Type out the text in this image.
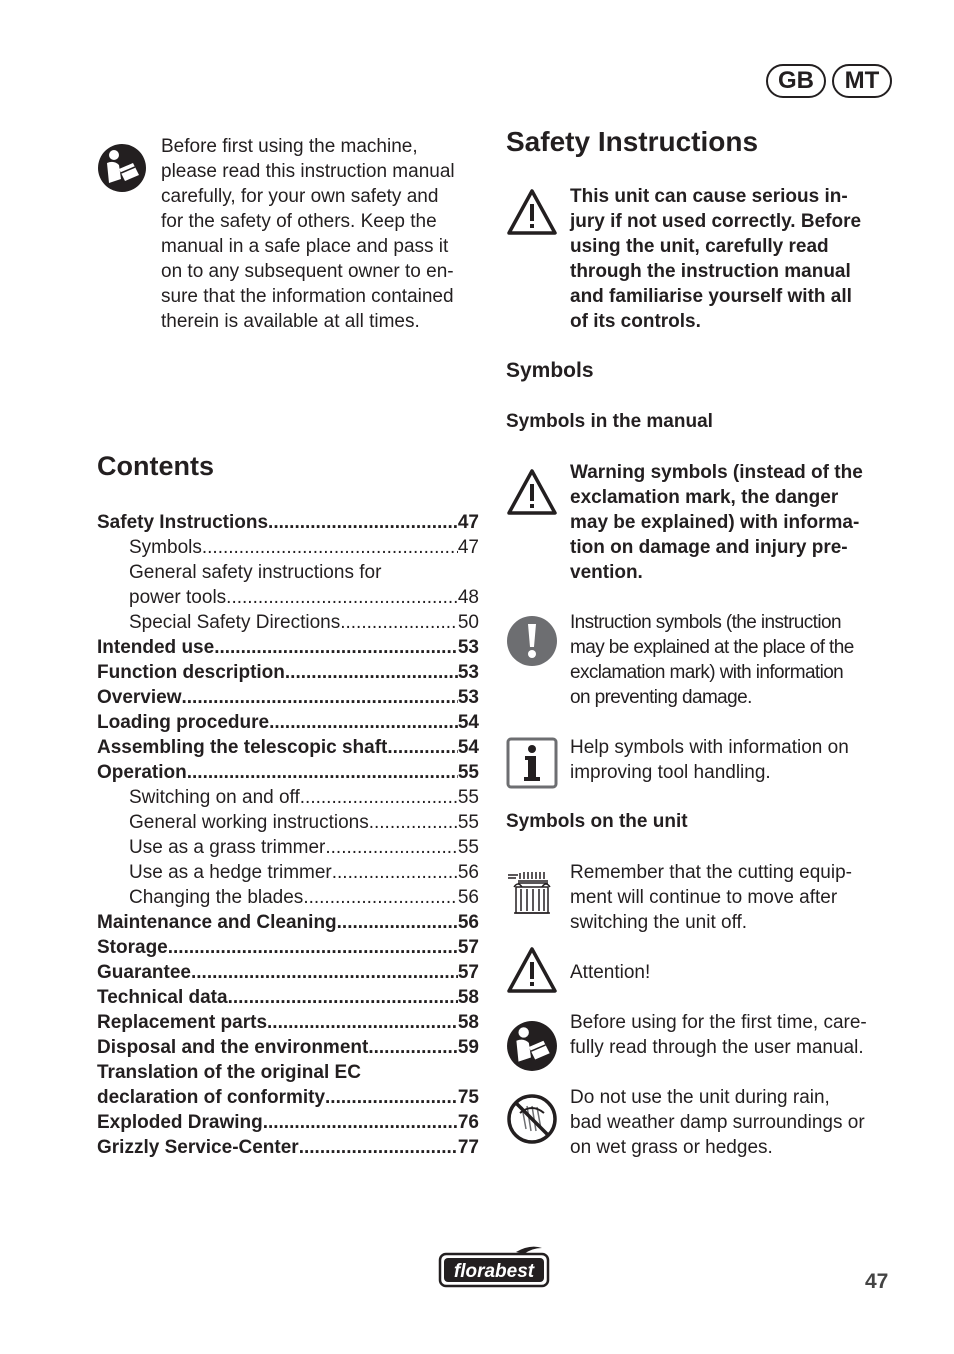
GB	MT
Before first using the machine,
please read this instruction manual
carefully, for your own safety and
for the safety of others. Keep the
manual in a safe place and pass it
on to any subsequent owner to en-
sure that the information contained
therein is available at all times.
Contents
Safety Instructions .....	47
Symbols .....	47
General safety instructions for
power tools .....	48
Special Safety Directions .....	50
Intended use .....	53
Function description .....	53
Overview .....	53
Loading procedure .....	54
Assembling the telescopic shaft .....	54
Operation .....	55
Switching on and off .....	55
General working instructions .....	55
Use as a grass trimmer .....	55
Use as a hedge trimmer .....	56
Changing the blades .....	56
Maintenance and Cleaning .....	56
Storage .....	57
Guarantee .....	57
Technical data .....	58
Replacement parts .....	58
Disposal and the environment .....	59
Translation of the original EC
declaration of conformity .....	75
Exploded Drawing .....	76
Grizzly Service-Center .....	77
Safety Instructions
This unit can cause serious in-
jury if not used correctly. Before
using the unit, carefully read
through the instruction manual
and familiarise yourself with all
of its controls.
Symbols
Symbols in the manual
Warning symbols (instead of the
exclamation mark, the danger
may be explained) with informa-
tion on damage and injury pre-
vention.
Instruction symbols (the instruction
may be explained at the place of the
exclamation mark) with information
on preventing damage.
Help symbols with information on
improving tool handling.
Symbols on the unit
Remember that the cutting equip-
ment will continue to move after
switching the unit off.
Attention!
Before using for the first time, care-
fully read through the user manual.
Do not use the unit during rain,
bad weather damp surroundings or
on wet grass or hedges.
florabest	47
